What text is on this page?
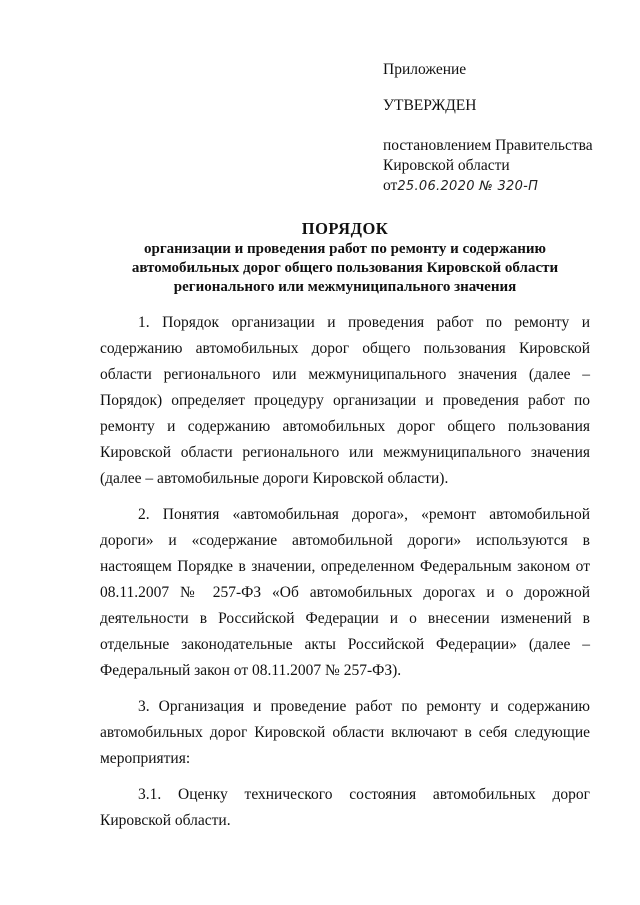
Приложение
УТВЕРЖДЕН
постановлением Правительства
Кировской области
от25.06.2020 № 320-П
ПОРЯДОК
организации и проведения работ по ремонту и содержанию
автомобильных дорог общего пользования Кировской области
регионального или межмуниципального значения

1. Порядок организации и проведения работ по ремонту и содержанию автомобильных дорог общего пользования Кировской области регионального или межмуниципального значения (далее – Порядок) определяет процедуру организации и проведения работ по ремонту и содержанию автомобильных дорог общего пользования Кировской области регионального или межмуниципального значения (далее – автомобильные дороги Кировской области).

2. Понятия «автомобильная дорога», «ремонт автомобильной дороги» и «содержание автомобильной дороги» используются в настоящем Порядке в значении, определенном Федеральным законом от 08.11.2007 № 257-ФЗ «Об автомобильных дорогах и о дорожной деятельности в Российской Федерации и о внесении изменений в отдельные законодательные акты Российской Федерации» (далее – Федеральный закон от 08.11.2007 № 257-ФЗ).

3. Организация и проведение работ по ремонту и содержанию автомобильных дорог Кировской области включают в себя следующие мероприятия:

3.1. Оценку технического состояния автомобильных дорог Кировской области.
